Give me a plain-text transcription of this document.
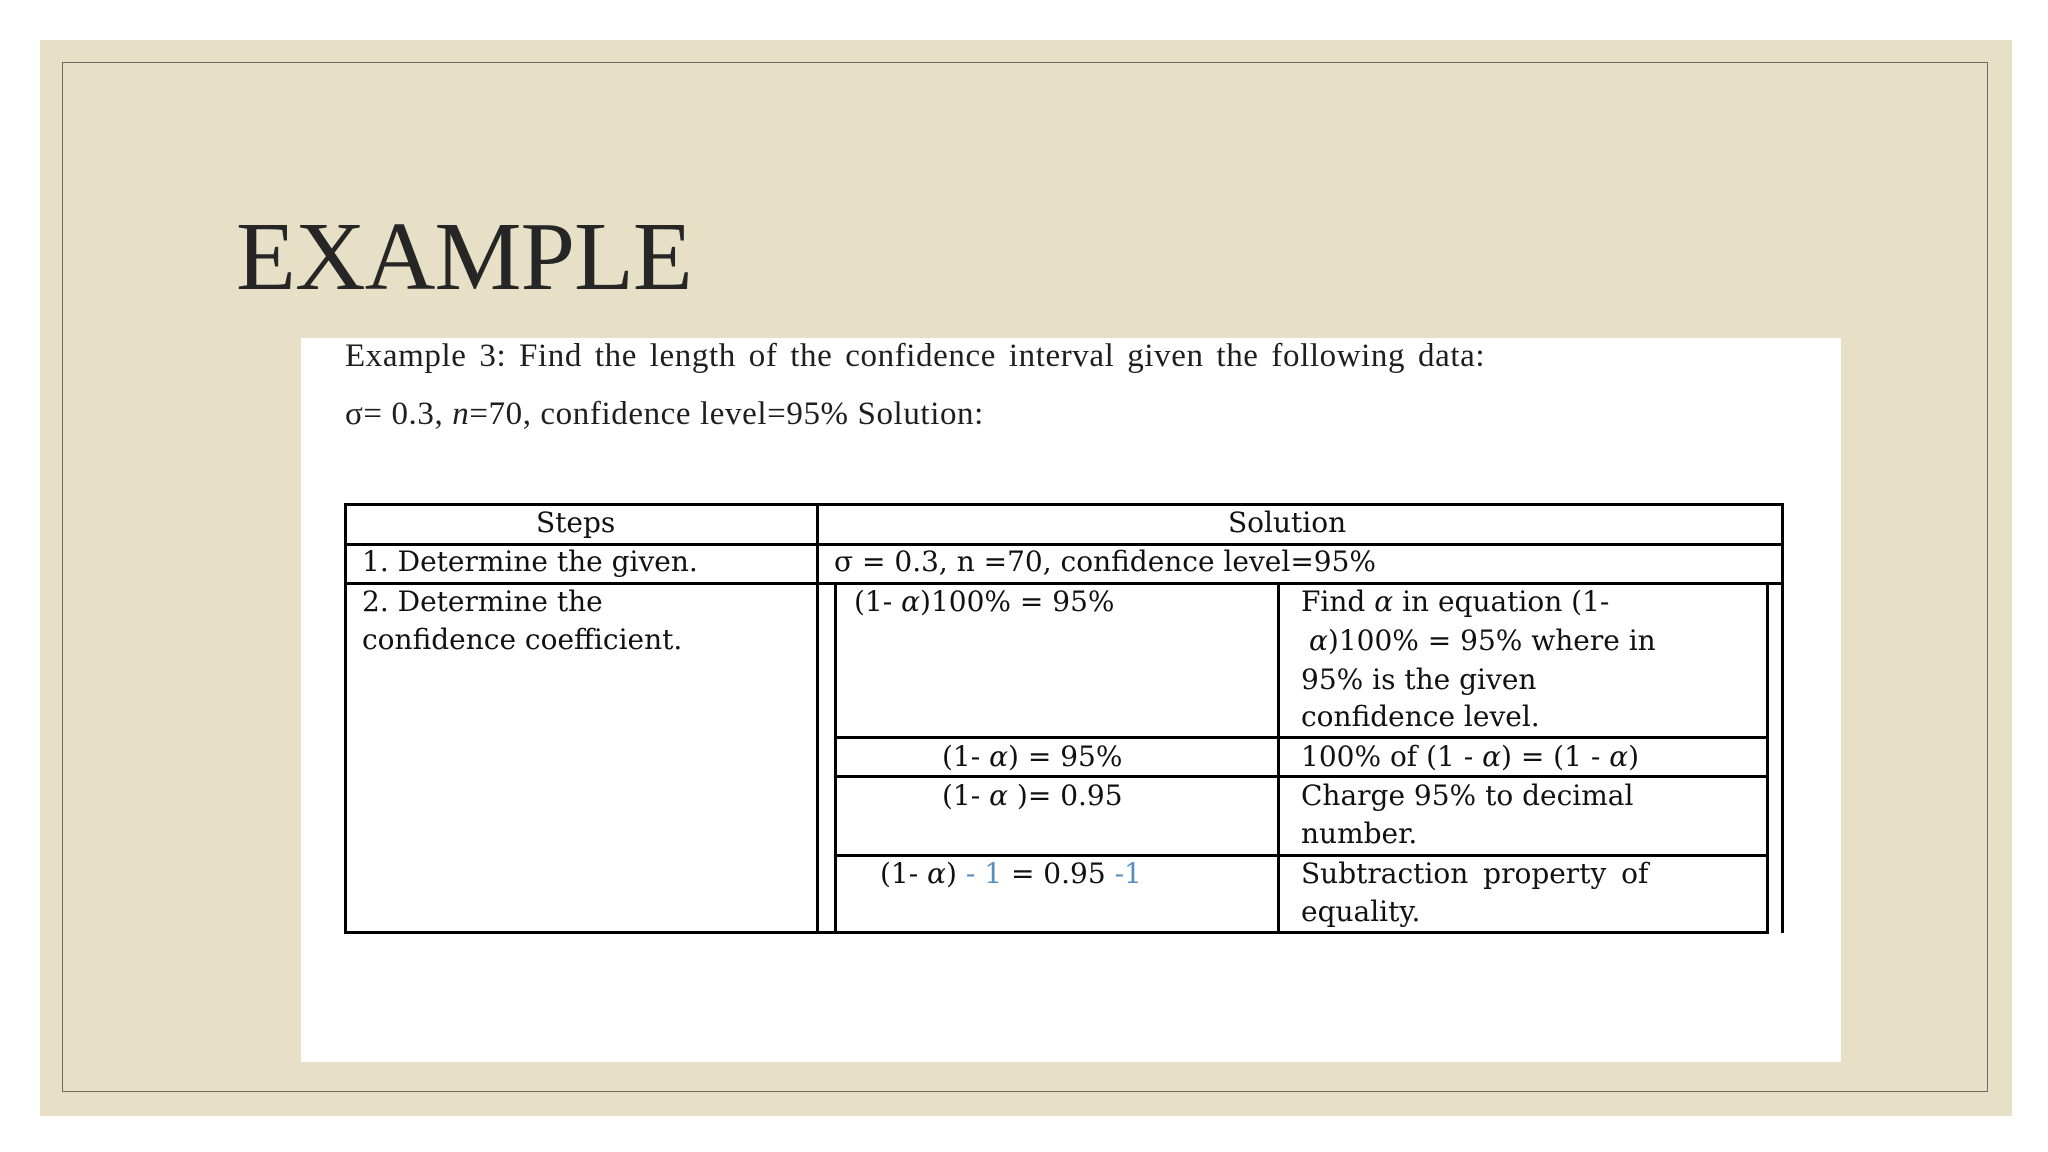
EXAMPLE
Example 3: Find the length of the confidence interval given the following data:
σ= 0.3, n=70, confidence level=95% Solution:
Steps	Solution
1. Determine the given.	σ = 0.3, n =70, confidence level=95%
2. Determine the
confidence coefficient.
(1- α)100% = 95%	Find α in equation (1-
α)100% = 95% where in
95% is the given
confidence level.
(1- α) = 95%	100% of (1 - α) = (1 - α)
(1- α )= 0.95	Charge 95% to decimal
number.
(1- α) - 1 = 0.95 -1	Subtraction property of
equality.
